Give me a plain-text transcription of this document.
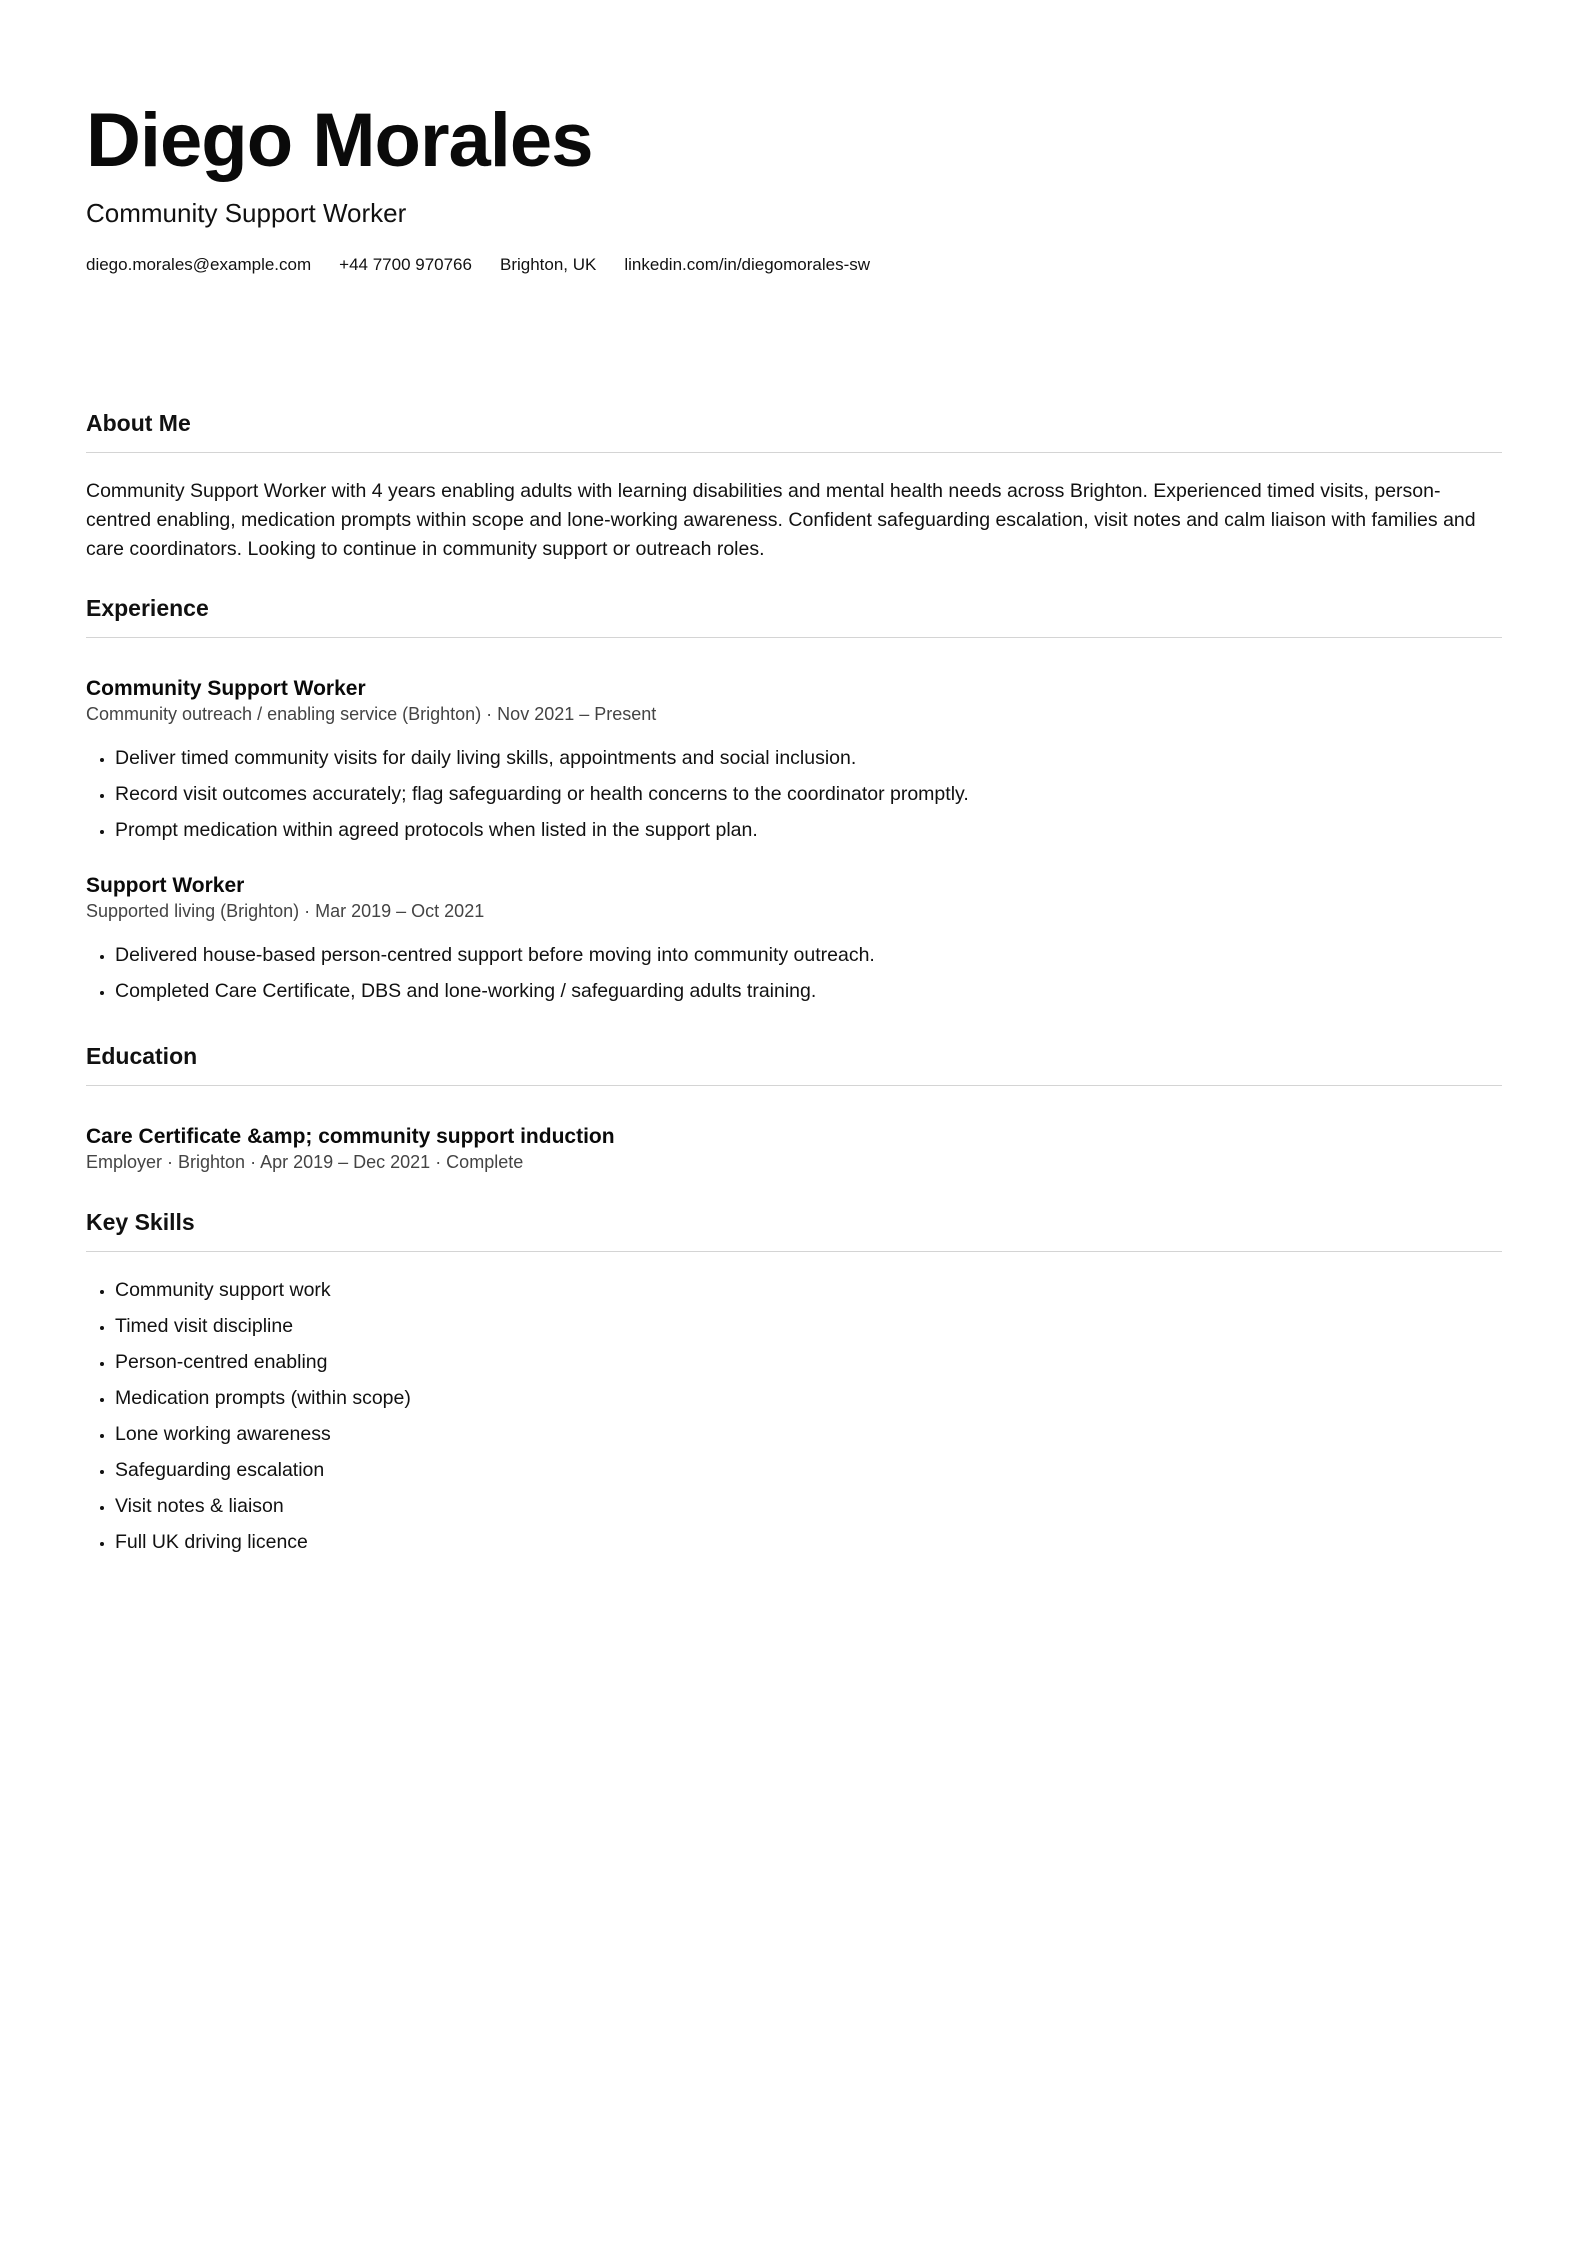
Diego Morales
Community Support Worker
diego.morales@example.com +44 7700 970766 Brighton, UK linkedin.com/in/diegomorales-sw
About Me

Community Support Worker with 4 years enabling adults with learning disabilities and mental health needs across Brighton. Experienced timed visits, person-centred enabling, medication prompts within scope and lone-working awareness. Confident safeguarding escalation, visit notes and calm liaison with families and care coordinators. Looking to continue in community support or outreach roles.

Experience
Community Support Worker

Community outreach / enabling service (Brighton) · Nov 2021 – Present

• Deliver timed community visits for daily living skills, appointments and social inclusion.
• Record visit outcomes accurately; flag safeguarding or health concerns to the coordinator promptly.
• Prompt medication within agreed protocols when listed in the support plan.
Support Worker

Supported living (Brighton) · Mar 2019 – Oct 2021

• Delivered house-based person-centred support before moving into community outreach.
• Completed Care Certificate, DBS and lone-working / safeguarding adults training.
Education
Care Certificate &amp; community support induction

Employer · Brighton · Apr 2019 – Dec 2021 · Complete

Key Skills
• Community support work
• Timed visit discipline
• Person-centred enabling
• Medication prompts (within scope)
• Lone working awareness
• Safeguarding escalation
• Visit notes & liaison
• Full UK driving licence
